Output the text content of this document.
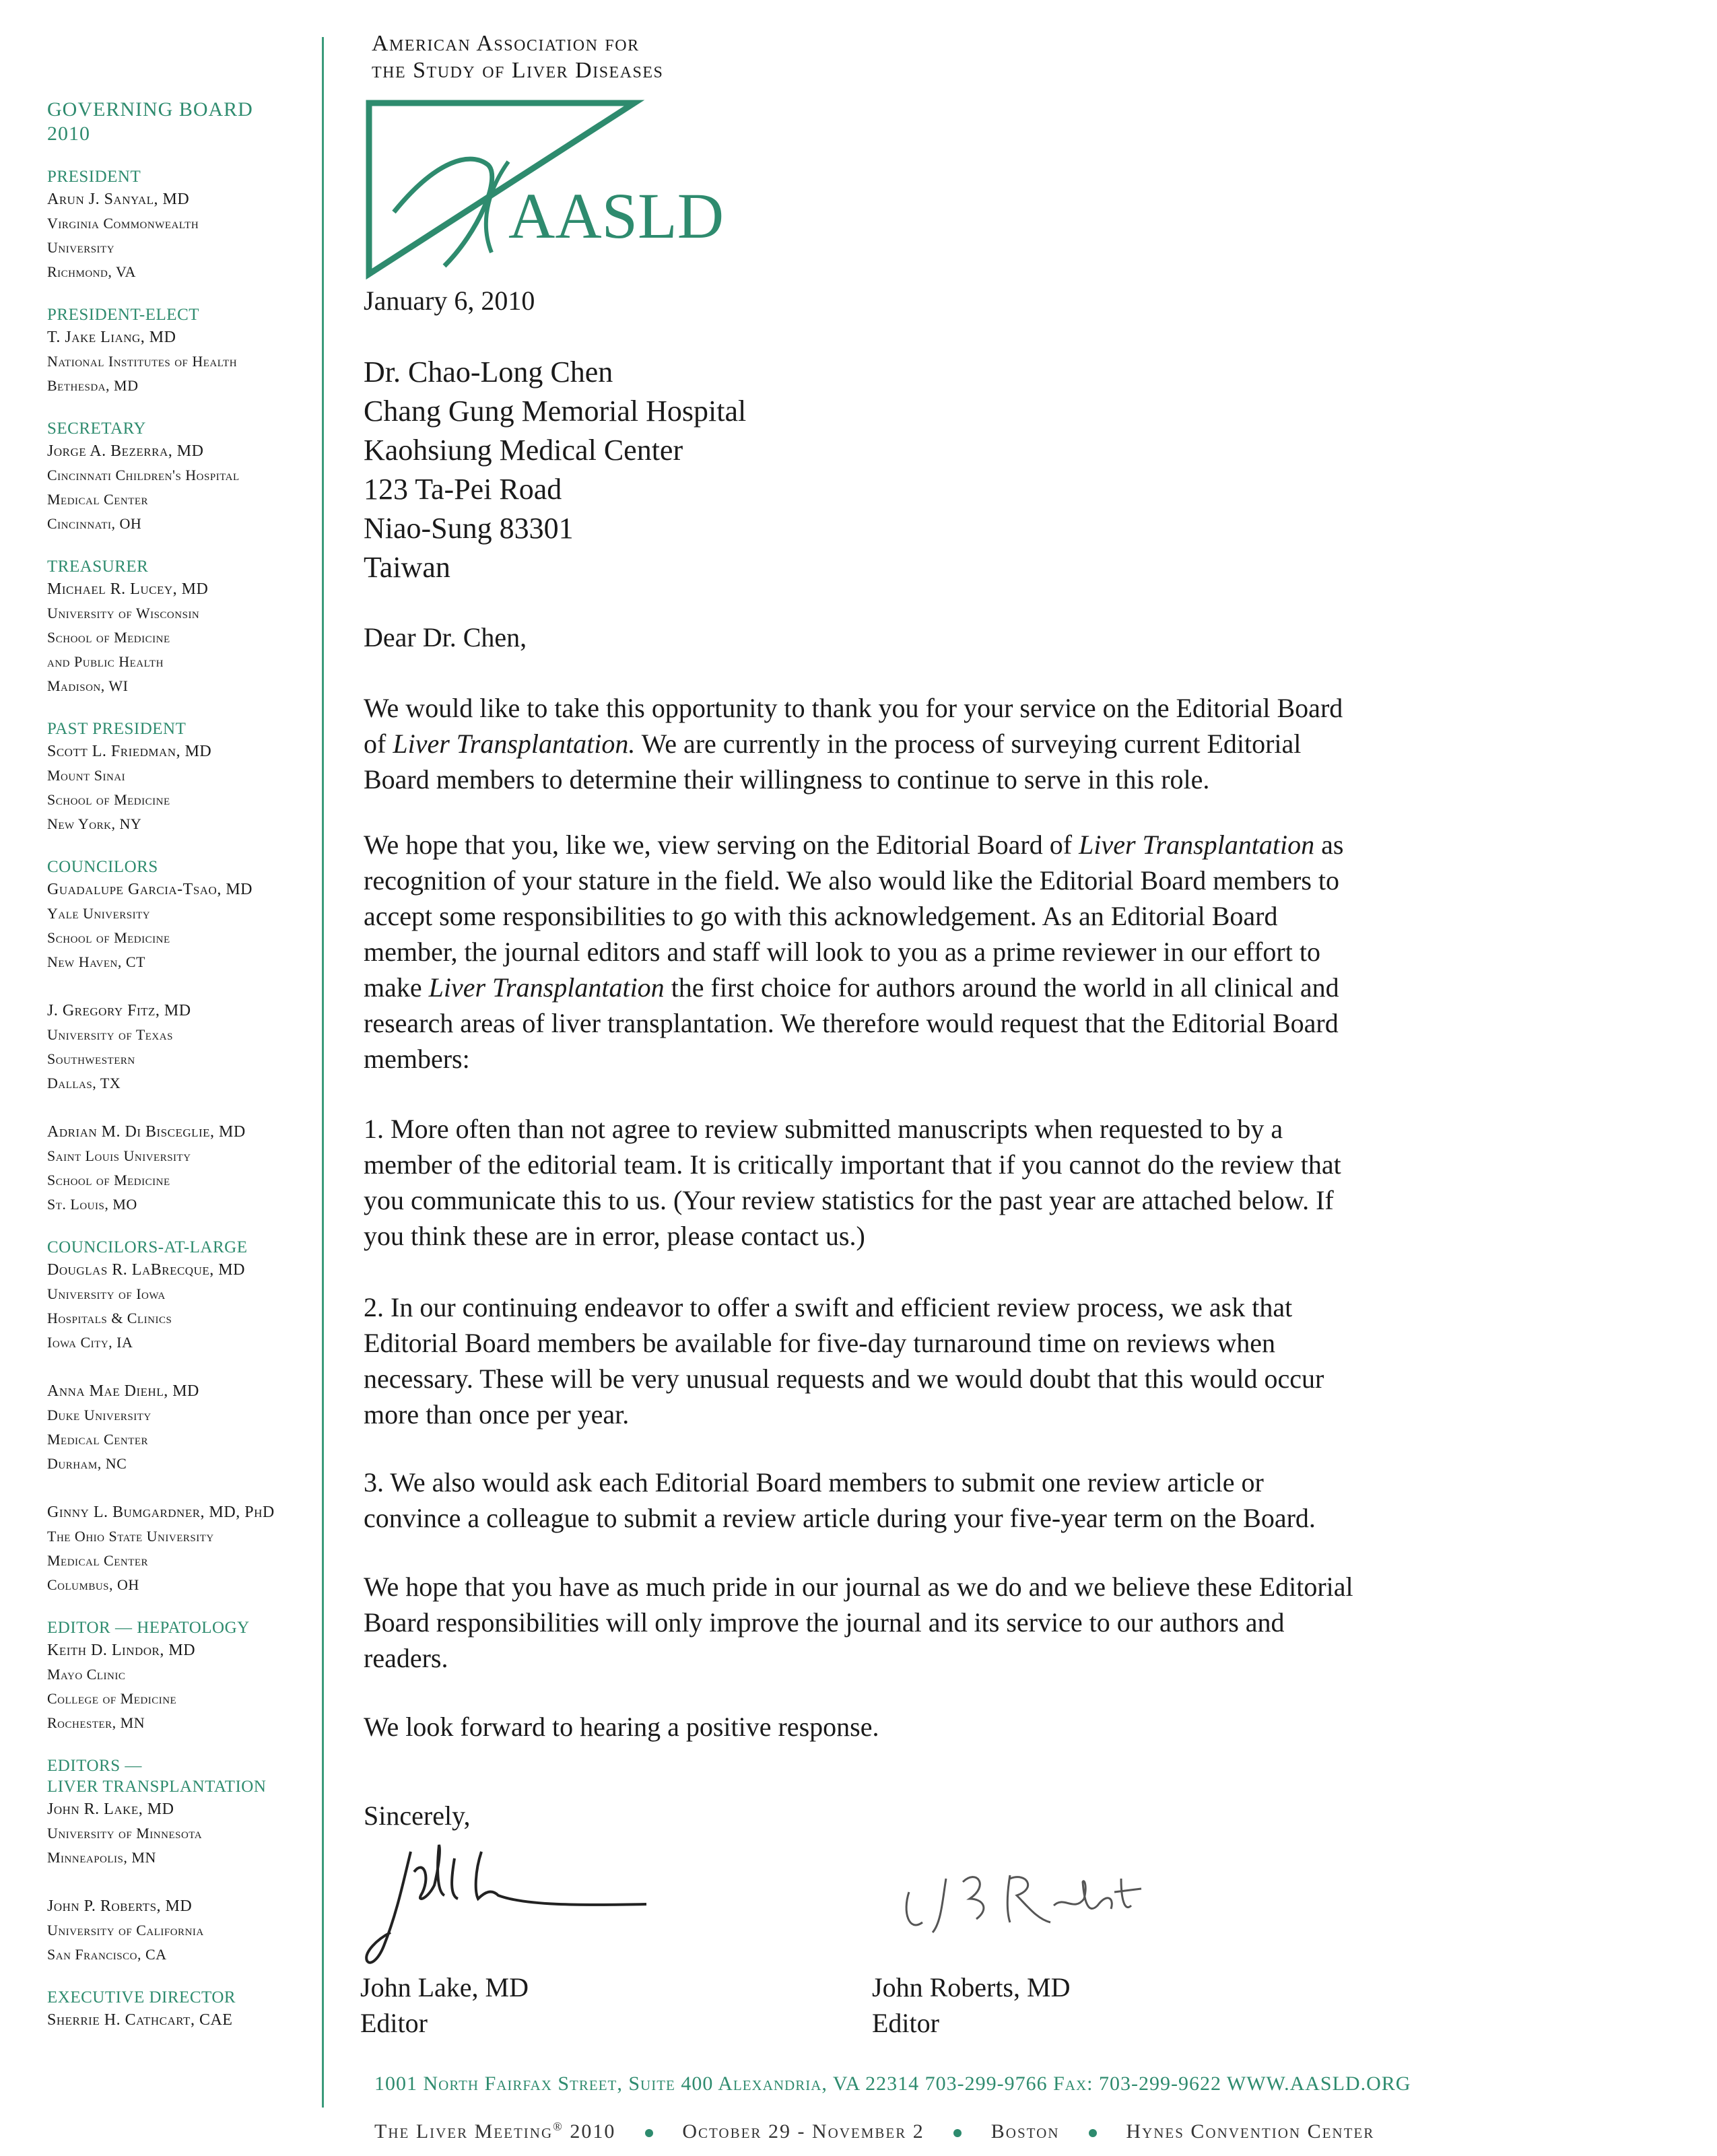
GOVERNING BOARD
2010
PRESIDENT
Arun J. Sanyal, MD
Virginia Commonwealth
University
Richmond, VA
PRESIDENT-ELECT
T. Jake Liang, MD
National Institutes of Health
Bethesda, MD
SECRETARY
Jorge A. Bezerra, MD
Cincinnati Children's Hospital
Medical Center
Cincinnati, OH
TREASURER
Michael R. Lucey, MD
University of Wisconsin
School of Medicine
and Public Health
Madison, WI
PAST PRESIDENT
Scott L. Friedman, MD
Mount Sinai
School of Medicine
New York, NY
COUNCILORS
Guadalupe Garcia-Tsao, MD
Yale University
School of Medicine
New Haven, CT
J. Gregory Fitz, MD
University of Texas
Southwestern
Dallas, TX
Adrian M. Di Bisceglie, MD
Saint Louis University
School of Medicine
St. Louis, MO
COUNCILORS-AT-LARGE
Douglas R. LaBrecque, MD
University of Iowa
Hospitals & Clinics
Iowa City, IA
Anna Mae Diehl, MD
Duke University
Medical Center
Durham, NC
Ginny L. Bumgardner, MD, PhD
The Ohio State University
Medical Center
Columbus, OH
EDITOR — HEPATOLOGY
Keith D. Lindor, MD
Mayo Clinic
College of Medicine
Rochester, MN
EDITORS —
LIVER TRANSPLANTATION
John R. Lake, MD
University of Minnesota
Minneapolis, MN
John P. Roberts, MD
University of California
San Francisco, CA
EXECUTIVE DIRECTOR
Sherrie H. Cathcart, CAE
American Association for
the Study of Liver Diseases
AASLD
January 6, 2010
Dr. Chao-Long Chen
Chang Gung Memorial Hospital
Kaohsiung Medical Center
123 Ta-Pei Road
Niao-Sung 83301
Taiwan
Dear Dr. Chen,
We would like to take this opportunity to thank you for your service on the Editorial Board
of Liver Transplantation. We are currently in the process of surveying current Editorial
Board members to determine their willingness to continue to serve in this role.
We hope that you, like we, view serving on the Editorial Board of Liver Transplantation as
recognition of your stature in the field. We also would like the Editorial Board members to
accept some responsibilities to go with this acknowledgement. As an Editorial Board
member, the journal editors and staff will look to you as a prime reviewer in our effort to
make Liver Transplantation the first choice for authors around the world in all clinical and
research areas of liver transplantation. We therefore would request that the Editorial Board
members:
1. More often than not agree to review submitted manuscripts when requested to by a
member of the editorial team. It is critically important that if you cannot do the review that
you communicate this to us. (Your review statistics for the past year are attached below. If
you think these are in error, please contact us.)
2. In our continuing endeavor to offer a swift and efficient review process, we ask that
Editorial Board members be available for five-day turnaround time on reviews when
necessary. These will be very unusual requests and we would doubt that this would occur
more than once per year.
3. We also would ask each Editorial Board members to submit one review article or
convince a colleague to submit a review article during your five-year term on the Board.
We hope that you have as much pride in our journal as we do and we believe these Editorial
Board responsibilities will only improve the journal and its service to our authors and
readers.
We look forward to hearing a positive response.
Sincerely,
John Lake, MD
Editor
John Roberts, MD
Editor
1001 North Fairfax Street, Suite 400 Alexandria, VA 22314 703-299-9766 Fax: 703-299-9622 WWW.AASLD.ORG
The Liver Meeting® 2010	October 29 - November 2	Boston	Hynes Convention Center
